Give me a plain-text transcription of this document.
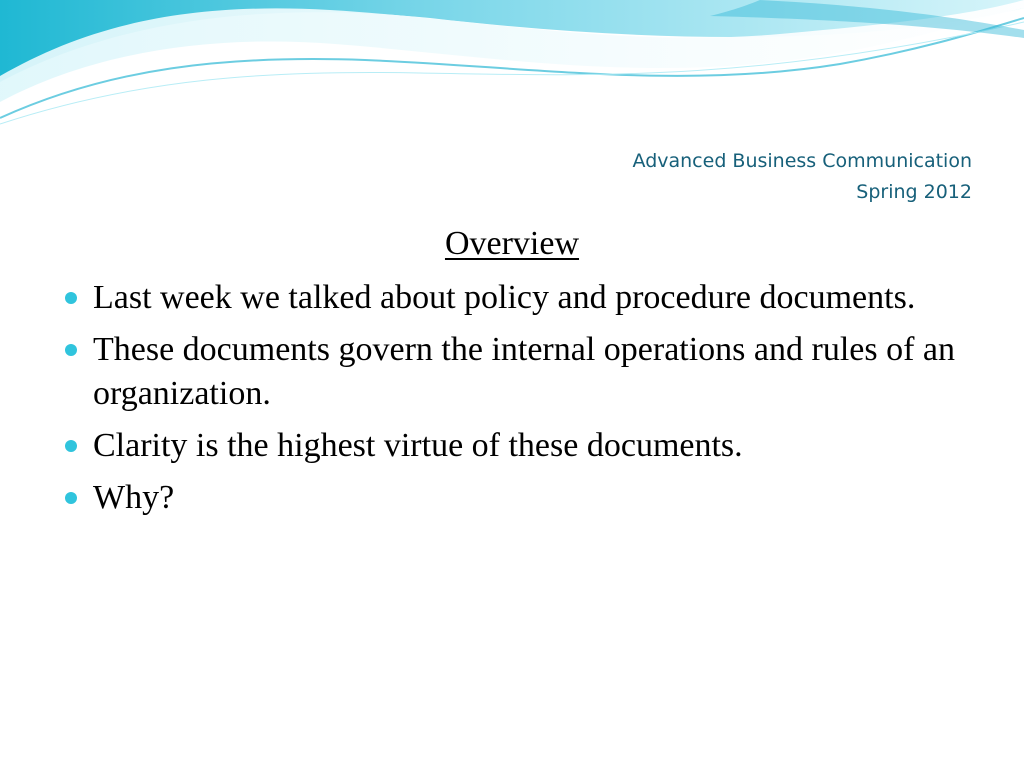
Advanced Business Communication
Spring 2012
Overview
Last week we talked about policy and procedure documents.
These documents govern the internal operations and rules of an organization.
Clarity is the highest virtue of these documents.
Why?
